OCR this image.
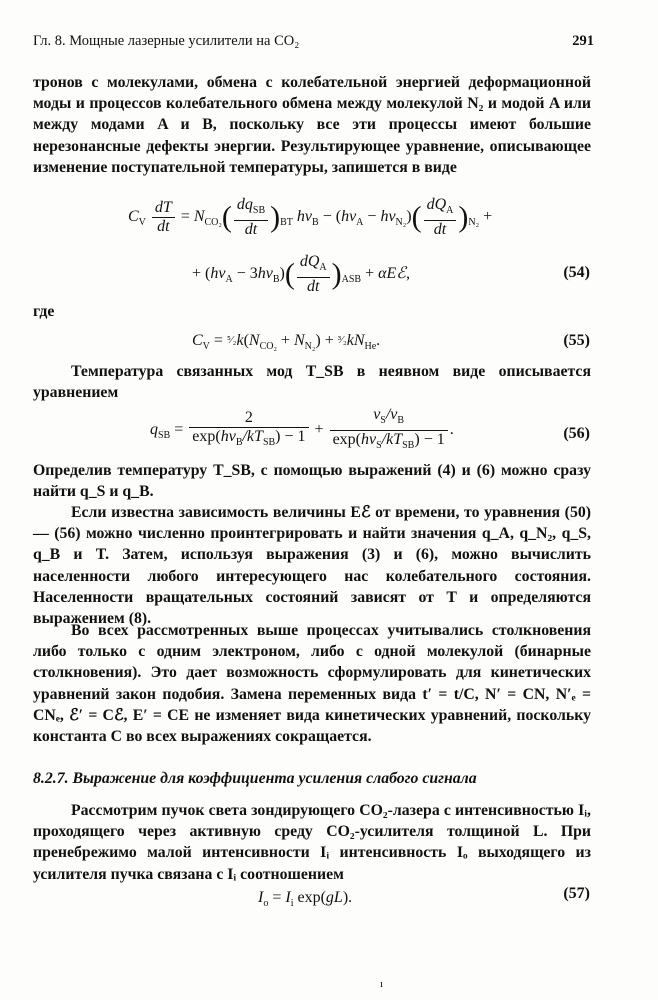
Гл. 8. Мощные лазерные усилители на CO₂	291
тронов с молекулами, обмена с колебательной энергией деформационной моды и процессов колебательного обмена между молекулой N₂ и модой A или между модами A и B, поскольку все эти процессы имеют большие нерезонансные дефекты энергии. Результирующее уравнение, описывающее изменение поступательной температуры, запишется в виде
$C_V \frac{dT}{dt} = N_{CO_2}( \frac{dq_{SB}}{dt} )_{BT}$ $h\nu_B - (h\nu_A - h\nu_{N_2})( \frac{dQ_A}{dt} )_{N_2}$ +
+ $(h\nu_A - 3h\nu_B)( \frac{dQ_A}{dt} )_{ASB}$ + αEℰ,	(54)
где
$C_V$ = $^5⁄_2k(N_{CO_2} + N_{N_2})$ + $^3⁄_2kN_{He}$.	(55)
Температура связанных мод T_SB в неявном виде описывается уравнением
$q_{SB} = \frac{2}{\exp(h\nu_B/kT_{SB}) - 1} + \frac{\nu_S/\nu_B}{\exp(h\nu_S/kT_{SB}) - 1}$ .	(56)
Определив температуру T_SB, с помощью выражений (4) и (6) можно сразу найти q_S и q_B.
Если известна зависимость величины Eℰ от времени, то уравнения (50) — (56) можно численно проинтегрировать и найти значения q_A, q_N₂, q_S, q_B и T. Затем, используя выражения (3) и (6), можно вычислить населенности любого интересующего нас колебательного состояния. Населенности вращательных состояний зависят от T и определяются выражением (8).
Во всех рассмотренных выше процессах учитывались столкновения либо только с одним электроном, либо с одной молекулой (бинарные столкновения). Это дает возможность сформулировать для кинетических уравнений закон подобия. Замена переменных вида t′ = t/C, N′ = CN, N′ₑ = CNₑ, ℰ′ = Cℰ, E′ = CE не изменяет вида кинетических уравнений, поскольку константа C во всех выражениях сокращается.
8.2.7. Выражение для коэффициента усиления слабого сигнала
Рассмотрим пучок света зондирующего CO₂-лазера с интенсивностью Iᵢ, проходящего через активную среду CO₂-усилителя толщиной L. При пренебрежимо малой интенсивности Iᵢ интенсивность Iₒ выходящего из усилителя пучка связана с Iᵢ соотношением
$I_o = I_i$ exp(gL).	(57)
ı
